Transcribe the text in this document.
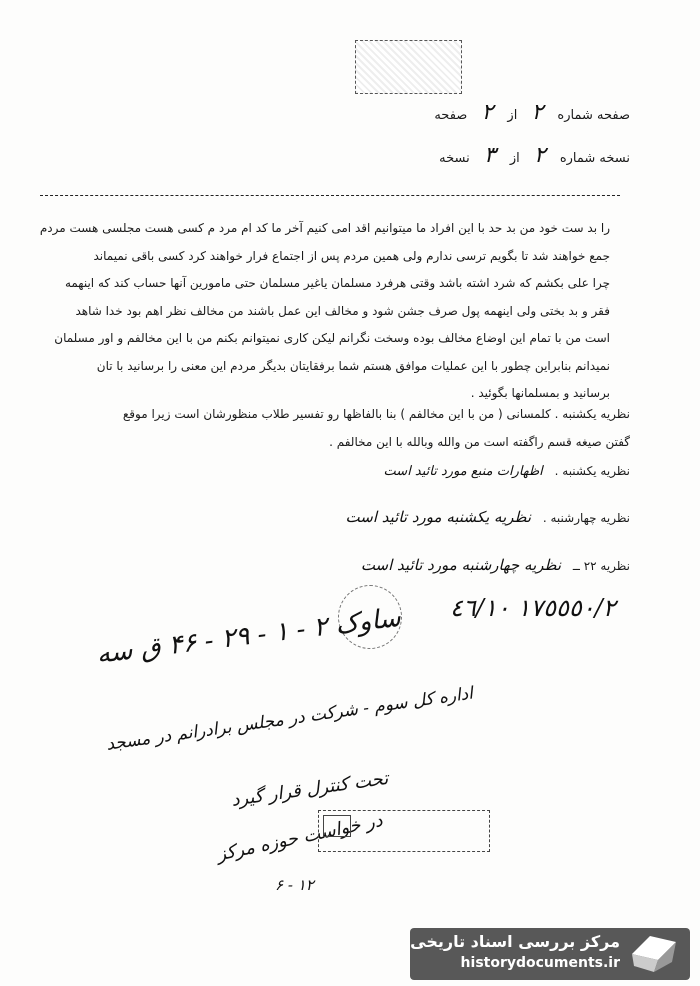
صفحه شماره ۲ از ۲ صفحه
نسخه شماره ۲ از ۳ نسخه
را بد ست خود من بد حد با این افراد ما میتوانیم اقد امی کنیم آخر ما کد ام مرد م کسی هست مجلسی هست مردم
جمع خواهند شد تا بگویم ترسی ندارم ولی همین مردم پس از اجتماع فرار خواهند کرد کسی باقی نمیماند
چرا علی بکشم که شرد اشته باشد وقتی هرفرد مسلمان یاغیر مسلمان حتی مامورین آنها حساب کند که اینهمه
فقر و بد بختی ولی اینهمه پول صرف جشن شود و مخالف این عمل باشند من مخالف نظر اهم بود خدا شاهد
است من با تمام این اوضاع مخالف بوده وسخت نگرانم لیکن کاری نمیتوانم بکنم من با این مخالفم و اور مسلمان
نمیدانم بنابراین چطور با این عملیات موافق هستم شما برفقایتان بدیگر مردم این معنی را برسانید با تان
برسانید و بمسلمانها بگوئید .
نظریه یکشنبه . کلمسانی ( من با این مخالفم ) بنا بالفاظها رو تفسیر طلاب منظورشان است زیرا موقع
گفتن صیغه قسم راگفته است من والله وبالله با این مخالفم .
نظریه یکشنبه . اظهارات منبع مورد تائید است
نظریه چهارشنبه . نظریه یکشنبه مورد تائید است
نظریه ۲۲ ــ نظریه چهارشنبه مورد تائید است
١٧٥٥٥٠/٢ ٤٦/١٠
ساوک ۲ - ۱ - ۲۹ - ۴۶ ق سه
اداره کل سوم - شرکت در مجلس برادرانم در مسجد
تحت کنترل قرار گیرد
در خواست حوزه مرکز
۱۲ - ۶
مرکز بررسی اسناد تاریخی
historydocuments.ir
